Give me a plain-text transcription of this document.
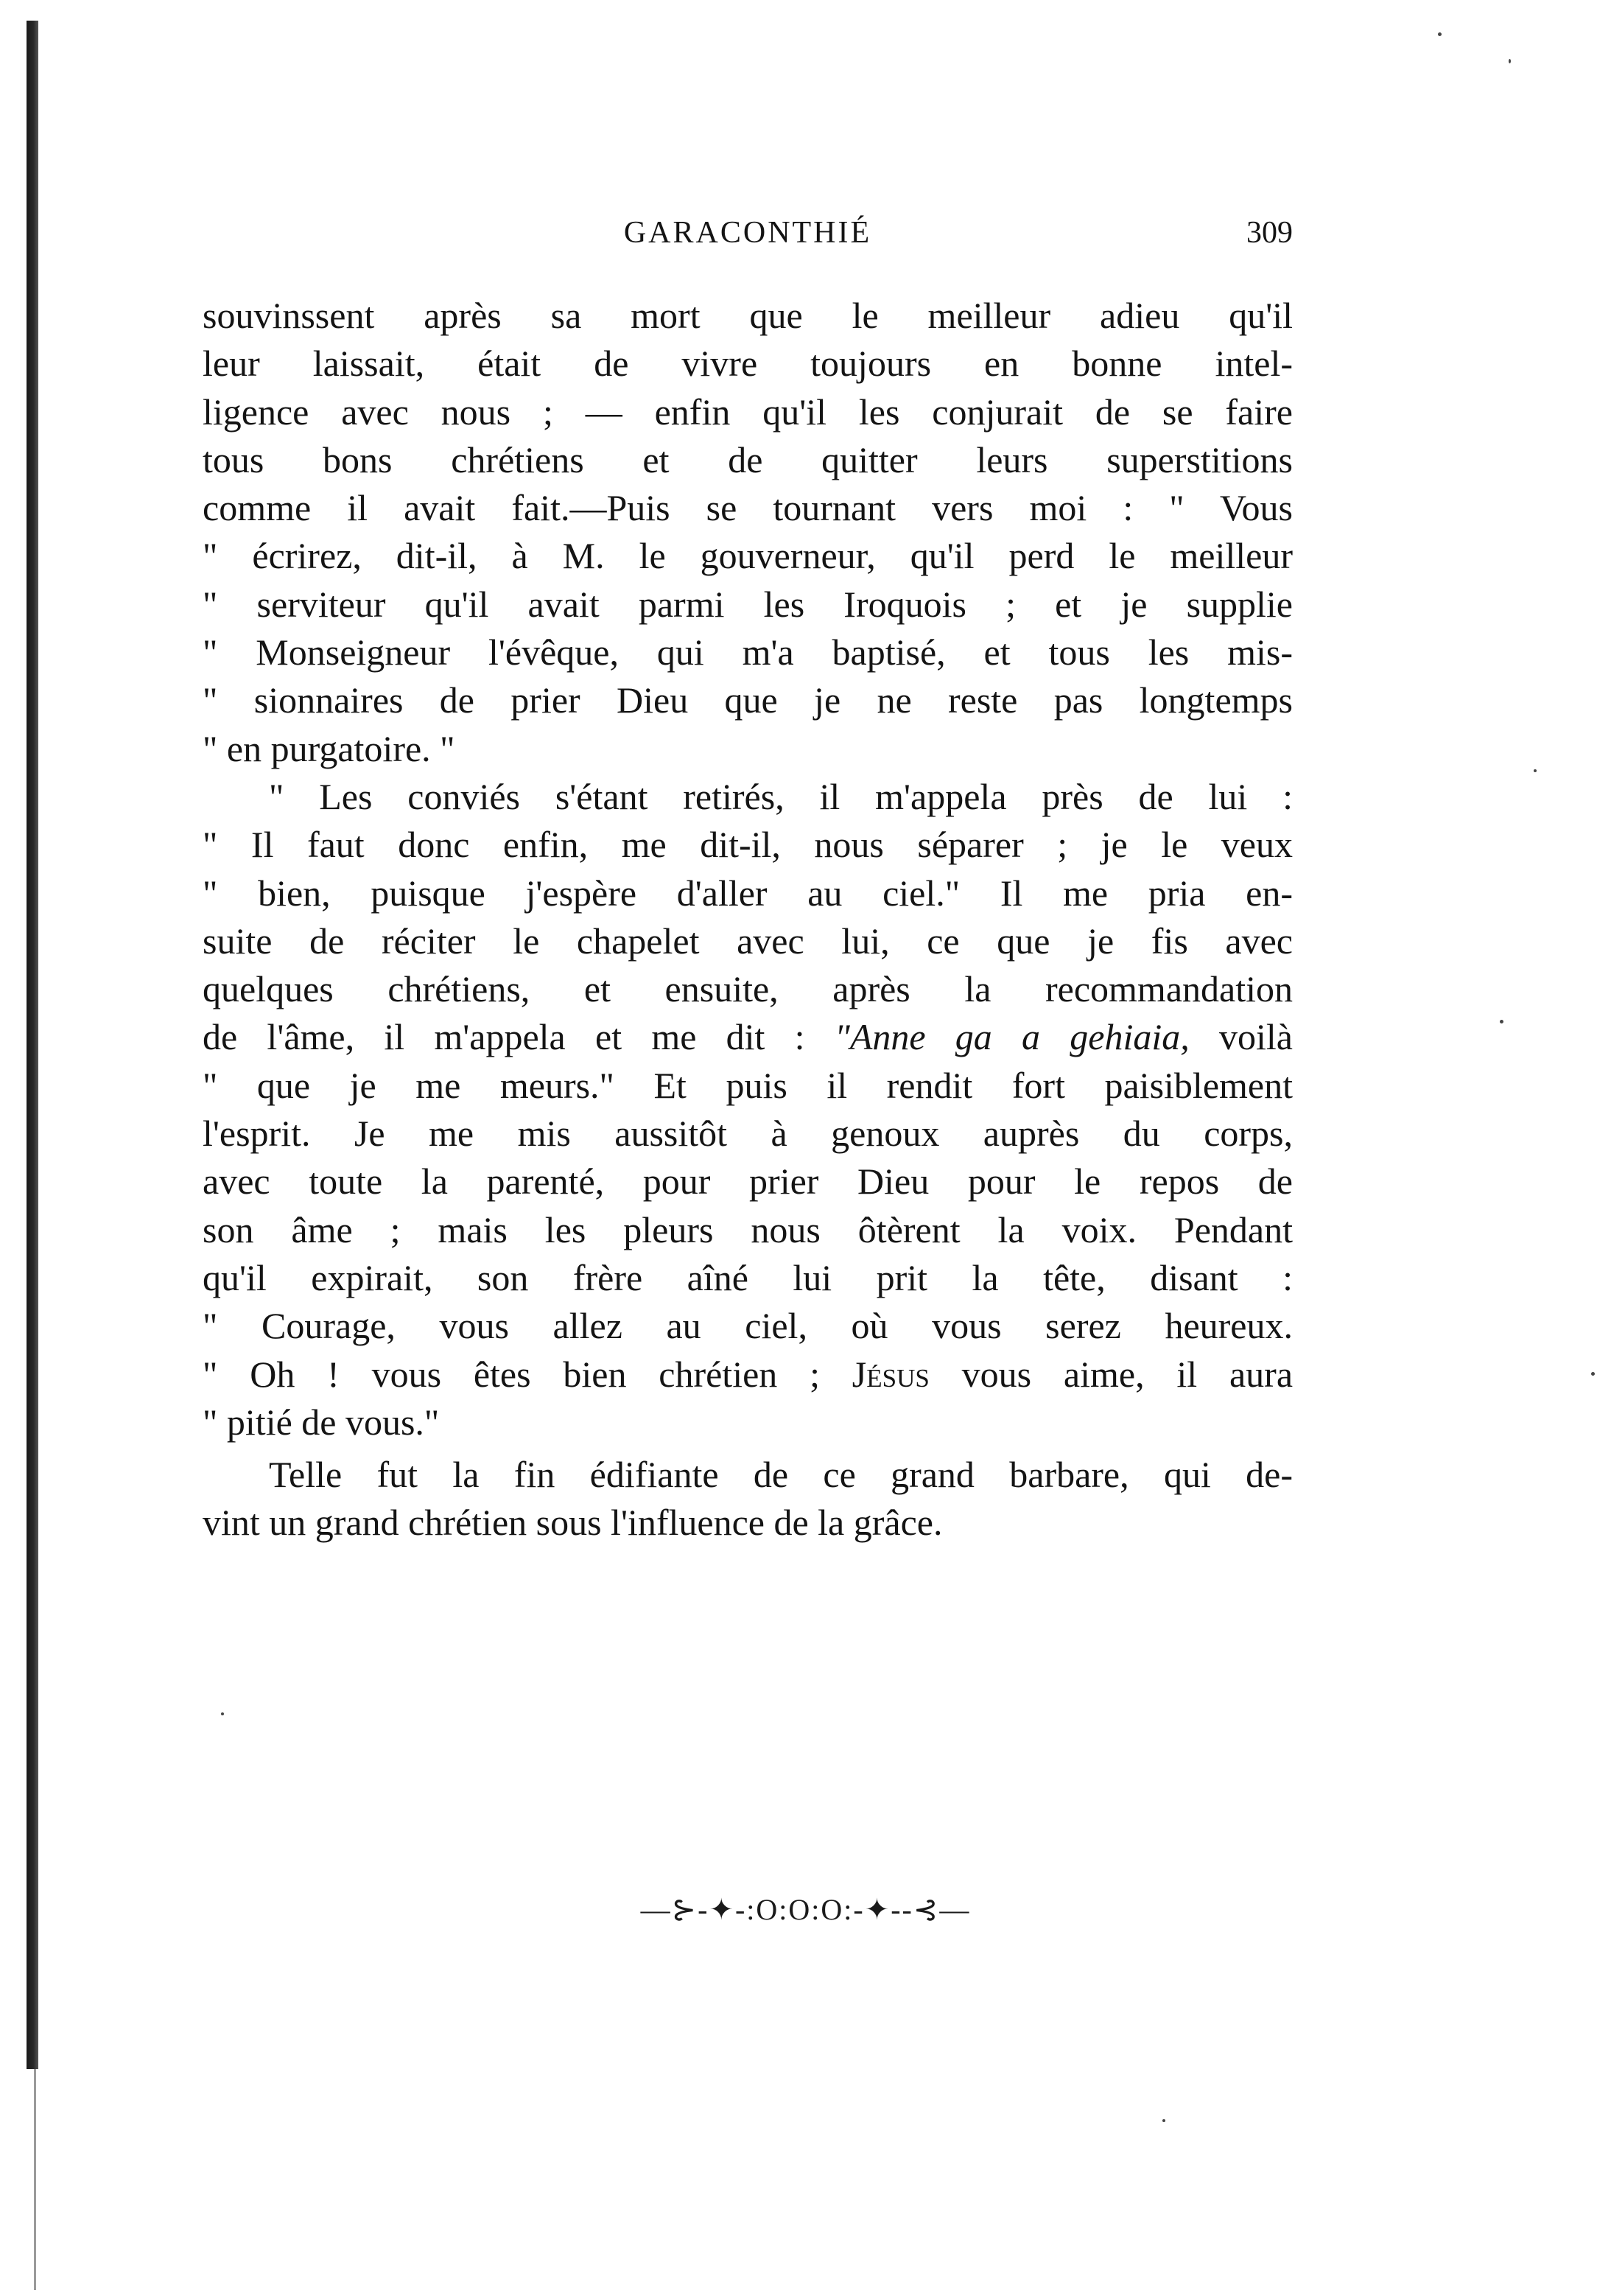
GARACONTHIÉ	309
souvinssent après sa mort que le meilleur adieu qu'il
leur laissait, était de vivre toujours en bonne intel-
ligence avec nous ; — enfin qu'il les conjurait de se faire
tous bons chrétiens et de quitter leurs superstitions
comme il avait fait.—Puis se tournant vers moi : " Vous
" écrirez, dit-il, à M. le gouverneur, qu'il perd le meilleur
" serviteur qu'il avait parmi les Iroquois ; et je supplie
" Monseigneur l'évêque, qui m'a baptisé, et tous les mis-
" sionnaires de prier Dieu que je ne reste pas longtemps
" en purgatoire. "
" Les conviés s'étant retirés, il m'appela près de lui :
" Il faut donc enfin, me dit-il, nous séparer ; je le veux
" bien, puisque j'espère d'aller au ciel." Il me pria en-
suite de réciter le chapelet avec lui, ce que je fis avec
quelques chrétiens, et ensuite, après la recommandation
de l'âme, il m'appela et me dit : "Anne ga a gehiaia, voilà
" que je me meurs." Et puis il rendit fort paisiblement
l'esprit. Je me mis aussitôt à genoux auprès du corps,
avec toute la parenté, pour prier Dieu pour le repos de
son âme ; mais les pleurs nous ôtèrent la voix. Pendant
qu'il expirait, son frère aîné lui prit la tête, disant :
" Courage, vous allez au ciel, où vous serez heureux.
" Oh ! vous êtes bien chrétien ; Jésus vous aime, il aura
" pitié de vous."
Telle fut la fin édifiante de ce grand barbare, qui de-
vint un grand chrétien sous l'influence de la grâce.
—⊱-✦-:O:O:O:-✦--⊰—
